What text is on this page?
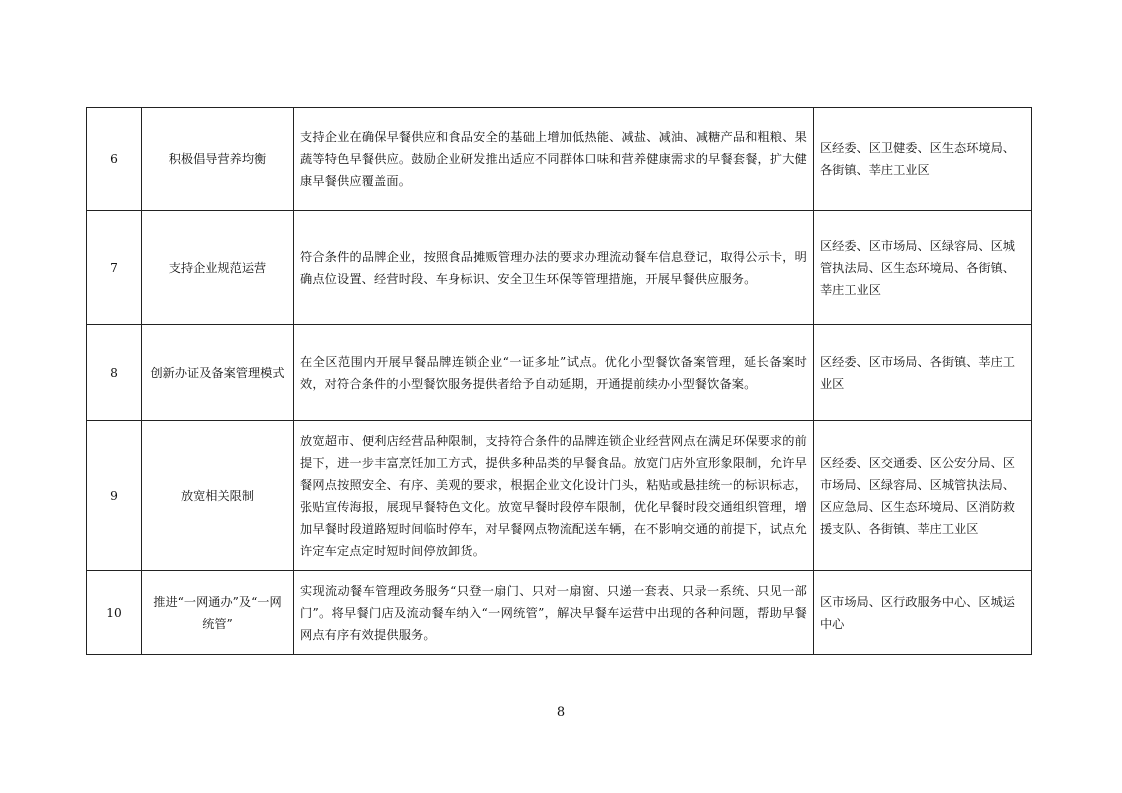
6	积极倡导营养均衡	支持企业在确保早餐供应和食品安全的基础上增加低热能、减盐、减油、减糖产品和粗粮、果蔬等特色早餐供应。鼓励企业研发推出适应不同群体口味和营养健康需求的早餐套餐，扩大健康早餐供应覆盖面。	区经委、区卫健委、区生态环境局、各街镇、莘庄工业区
7	支持企业规范运营	符合条件的品牌企业，按照食品摊贩管理办法的要求办理流动餐车信息登记，取得公示卡，明确点位设置、经营时段、车身标识、安全卫生环保等管理措施，开展早餐供应服务。	区经委、区市场局、区绿容局、区城管执法局、区生态环境局、各街镇、莘庄工业区
8	创新办证及备案管理模式	在全区范围内开展早餐品牌连锁企业“一证多址”试点。优化小型餐饮备案管理，延长备案时效，对符合条件的小型餐饮服务提供者给予自动延期，开通提前续办小型餐饮备案。	区经委、区市场局、各街镇、莘庄工业区
9	放宽相关限制	放宽超市、便利店经营品种限制，支持符合条件的品牌连锁企业经营网点在满足环保要求的前提下，进一步丰富烹饪加工方式，提供多种品类的早餐食品。放宽门店外宣形象限制，允许早餐网点按照安全、有序、美观的要求，根据企业文化设计门头，粘贴或悬挂统一的标识标志，张贴宣传海报，展现早餐特色文化。放宽早餐时段停车限制，优化早餐时段交通组织管理，增加早餐时段道路短时间临时停车，对早餐网点物流配送车辆，在不影响交通的前提下，试点允许定车定点定时短时间停放卸货。	区经委、区交通委、区公安分局、区市场局、区绿容局、区城管执法局、区应急局、区生态环境局、区消防救援支队、各街镇、莘庄工业区
10	推进“一网通办”及“一网统管”	实现流动餐车管理政务服务“只登一扇门、只对一扇窗、只递一套表、只录一系统、只见一部门”。将早餐门店及流动餐车纳入“一网统管”，解决早餐车运营中出现的各种问题，帮助早餐网点有序有效提供服务。	区市场局、区行政服务中心、区城运中心
8
